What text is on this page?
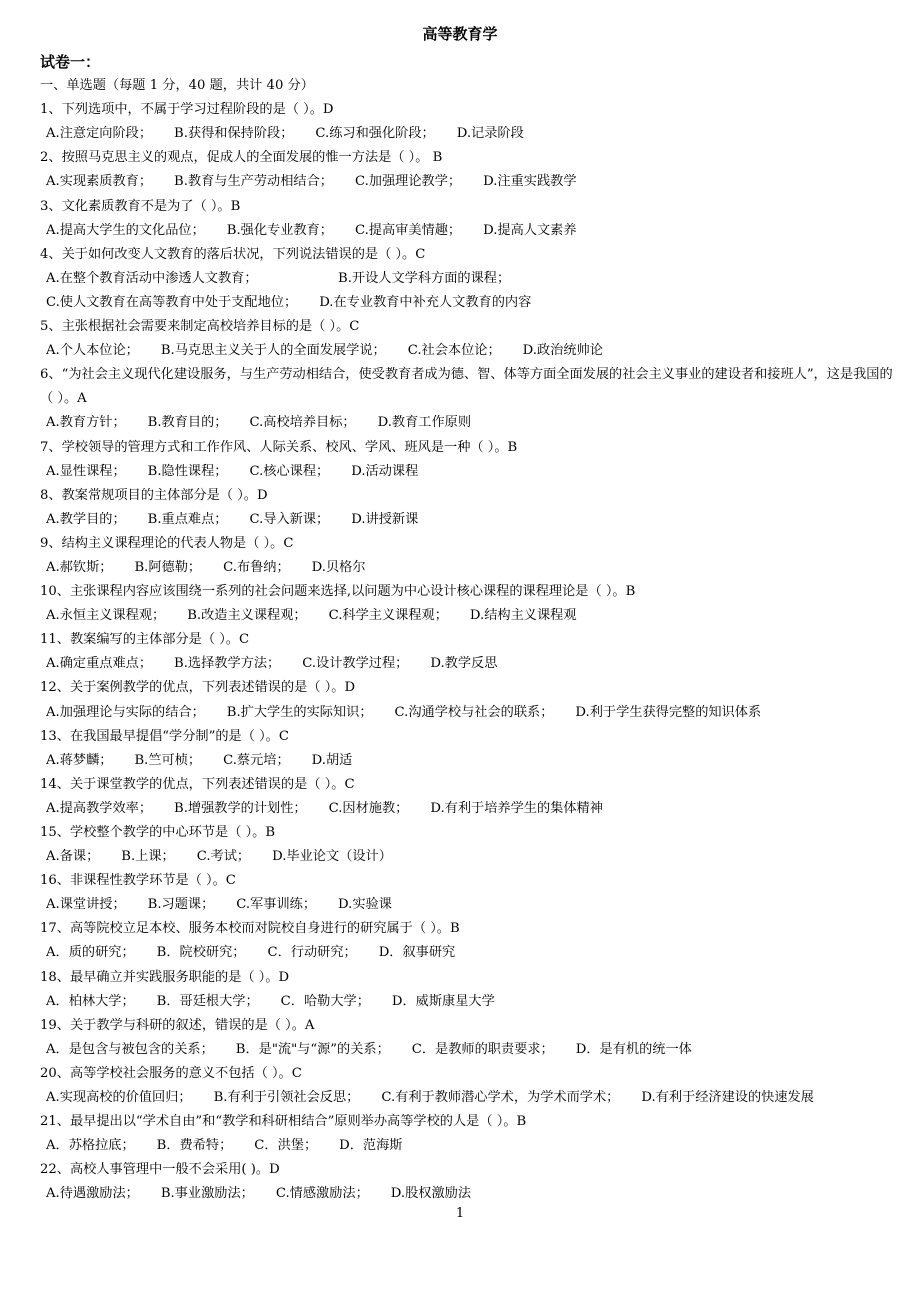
高等教育学
试卷一：
一、单选题（每题 1 分，40 题，共计 40 分）
1、下列选项中，不属于学习过程阶段的是（ ）。D
A.注意定向阶段； B.获得和保持阶段； C.练习和强化阶段； D.记录阶段
2、按照马克思主义的观点，促成人的全面发展的惟一方法是（ ）。 B
A.实现素质教育； B.教育与生产劳动相结合； C.加强理论教学； D.注重实践教学
3、文化素质教育不是为了（ ）。B
A.提高大学生的文化品位； B.强化专业教育； C.提高审美情趣； D.提高人文素养
4、关于如何改变人文教育的落后状况，下列说法错误的是（ ）。C
A.在整个教育活动中渗透人文教育；	B.开设人文学科方面的课程；
C.使人文教育在高等教育中处于支配地位； D.在专业教育中补充人文教育的内容
5、主张根据社会需要来制定高校培养目标的是（ ）。C
A.个人本位论； B.马克思主义关于人的全面发展学说； C.社会本位论； D.政治统帅论
6、“为社会主义现代化建设服务，与生产劳动相结合，使受教育者成为德、智、体等方面全面发展的社会主义事业的建设者和接班人”，这是我国的（ ）。A
A.教育方针； B.教育目的； C.高校培养目标； D.教育工作原则
7、学校领导的管理方式和工作作风、人际关系、校风、学风、班风是一种（ ）。B
A.显性课程； B.隐性课程； C.核心课程； D.活动课程
8、教案常规项目的主体部分是（ ）。D
A.教学目的； B.重点难点； C.导入新课； D.讲授新课
9、结构主义课程理论的代表人物是（ ）。C
A.郝钦斯； B.阿德勒； C.布鲁纳； D.贝格尔
10、主张课程内容应该围绕一系列的社会问题来选择,以问题为中心设计核心课程的课程理论是（ ）。B
A.永恒主义课程观； B.改造主义课程观； C.科学主义课程观； D.结构主义课程观
11、教案编写的主体部分是（ ）。C
A.确定重点难点； B.选择教学方法； C.设计教学过程； D.教学反思
12、关于案例教学的优点，下列表述错误的是（ ）。D
A.加强理论与实际的结合； B.扩大学生的实际知识； C.沟通学校与社会的联系； D.利于学生获得完整的知识体系
13、在我国最早提倡“学分制”的是（ ）。C
A.蒋梦麟； B.竺可桢； C.蔡元培； D.胡适
14、关于课堂教学的优点，下列表述错误的是（ ）。C
A.提高教学效率； B.增强教学的计划性； C.因材施教； D.有利于培养学生的集体精神
15、学校整个教学的中心环节是（ ）。B
A.备课； B.上课； C.考试； D.毕业论文（设计）
16、非课程性教学环节是（ ）。C
A.课堂讲授； B.习题课； C.军事训练； D.实验课
17、高等院校立足本校、服务本校而对院校自身进行的研究属于（ ）。B
A．质的研究； B．院校研究； C．行动研究； D．叙事研究
18、最早确立并实践服务职能的是（ ）。D
A．柏林大学； B．哥廷根大学； C．哈勒大学； D．威斯康星大学
19、关于教学与科研的叙述，错误的是（ ）。A
A．是包含与被包含的关系； B．是"流"与“源”的关系； C．是教师的职责要求； D．是有机的统一体
20、高等学校社会服务的意义不包括（ ）。C
A.实现高校的价值回归； B.有利于引领社会反思； C.有利于教师潜心学术，为学术而学术； D.有利于经济建设的快速发展
21、最早提出以“学术自由”和“教学和科研相结合”原则举办高等学校的人是（ ）。B
A．苏格拉底； B．费希特； C．洪堡； D．范海斯
22、高校人事管理中一般不会采用( )。D
A.待遇激励法； B.事业激励法； C.情感激励法； D.股权激励法
1
